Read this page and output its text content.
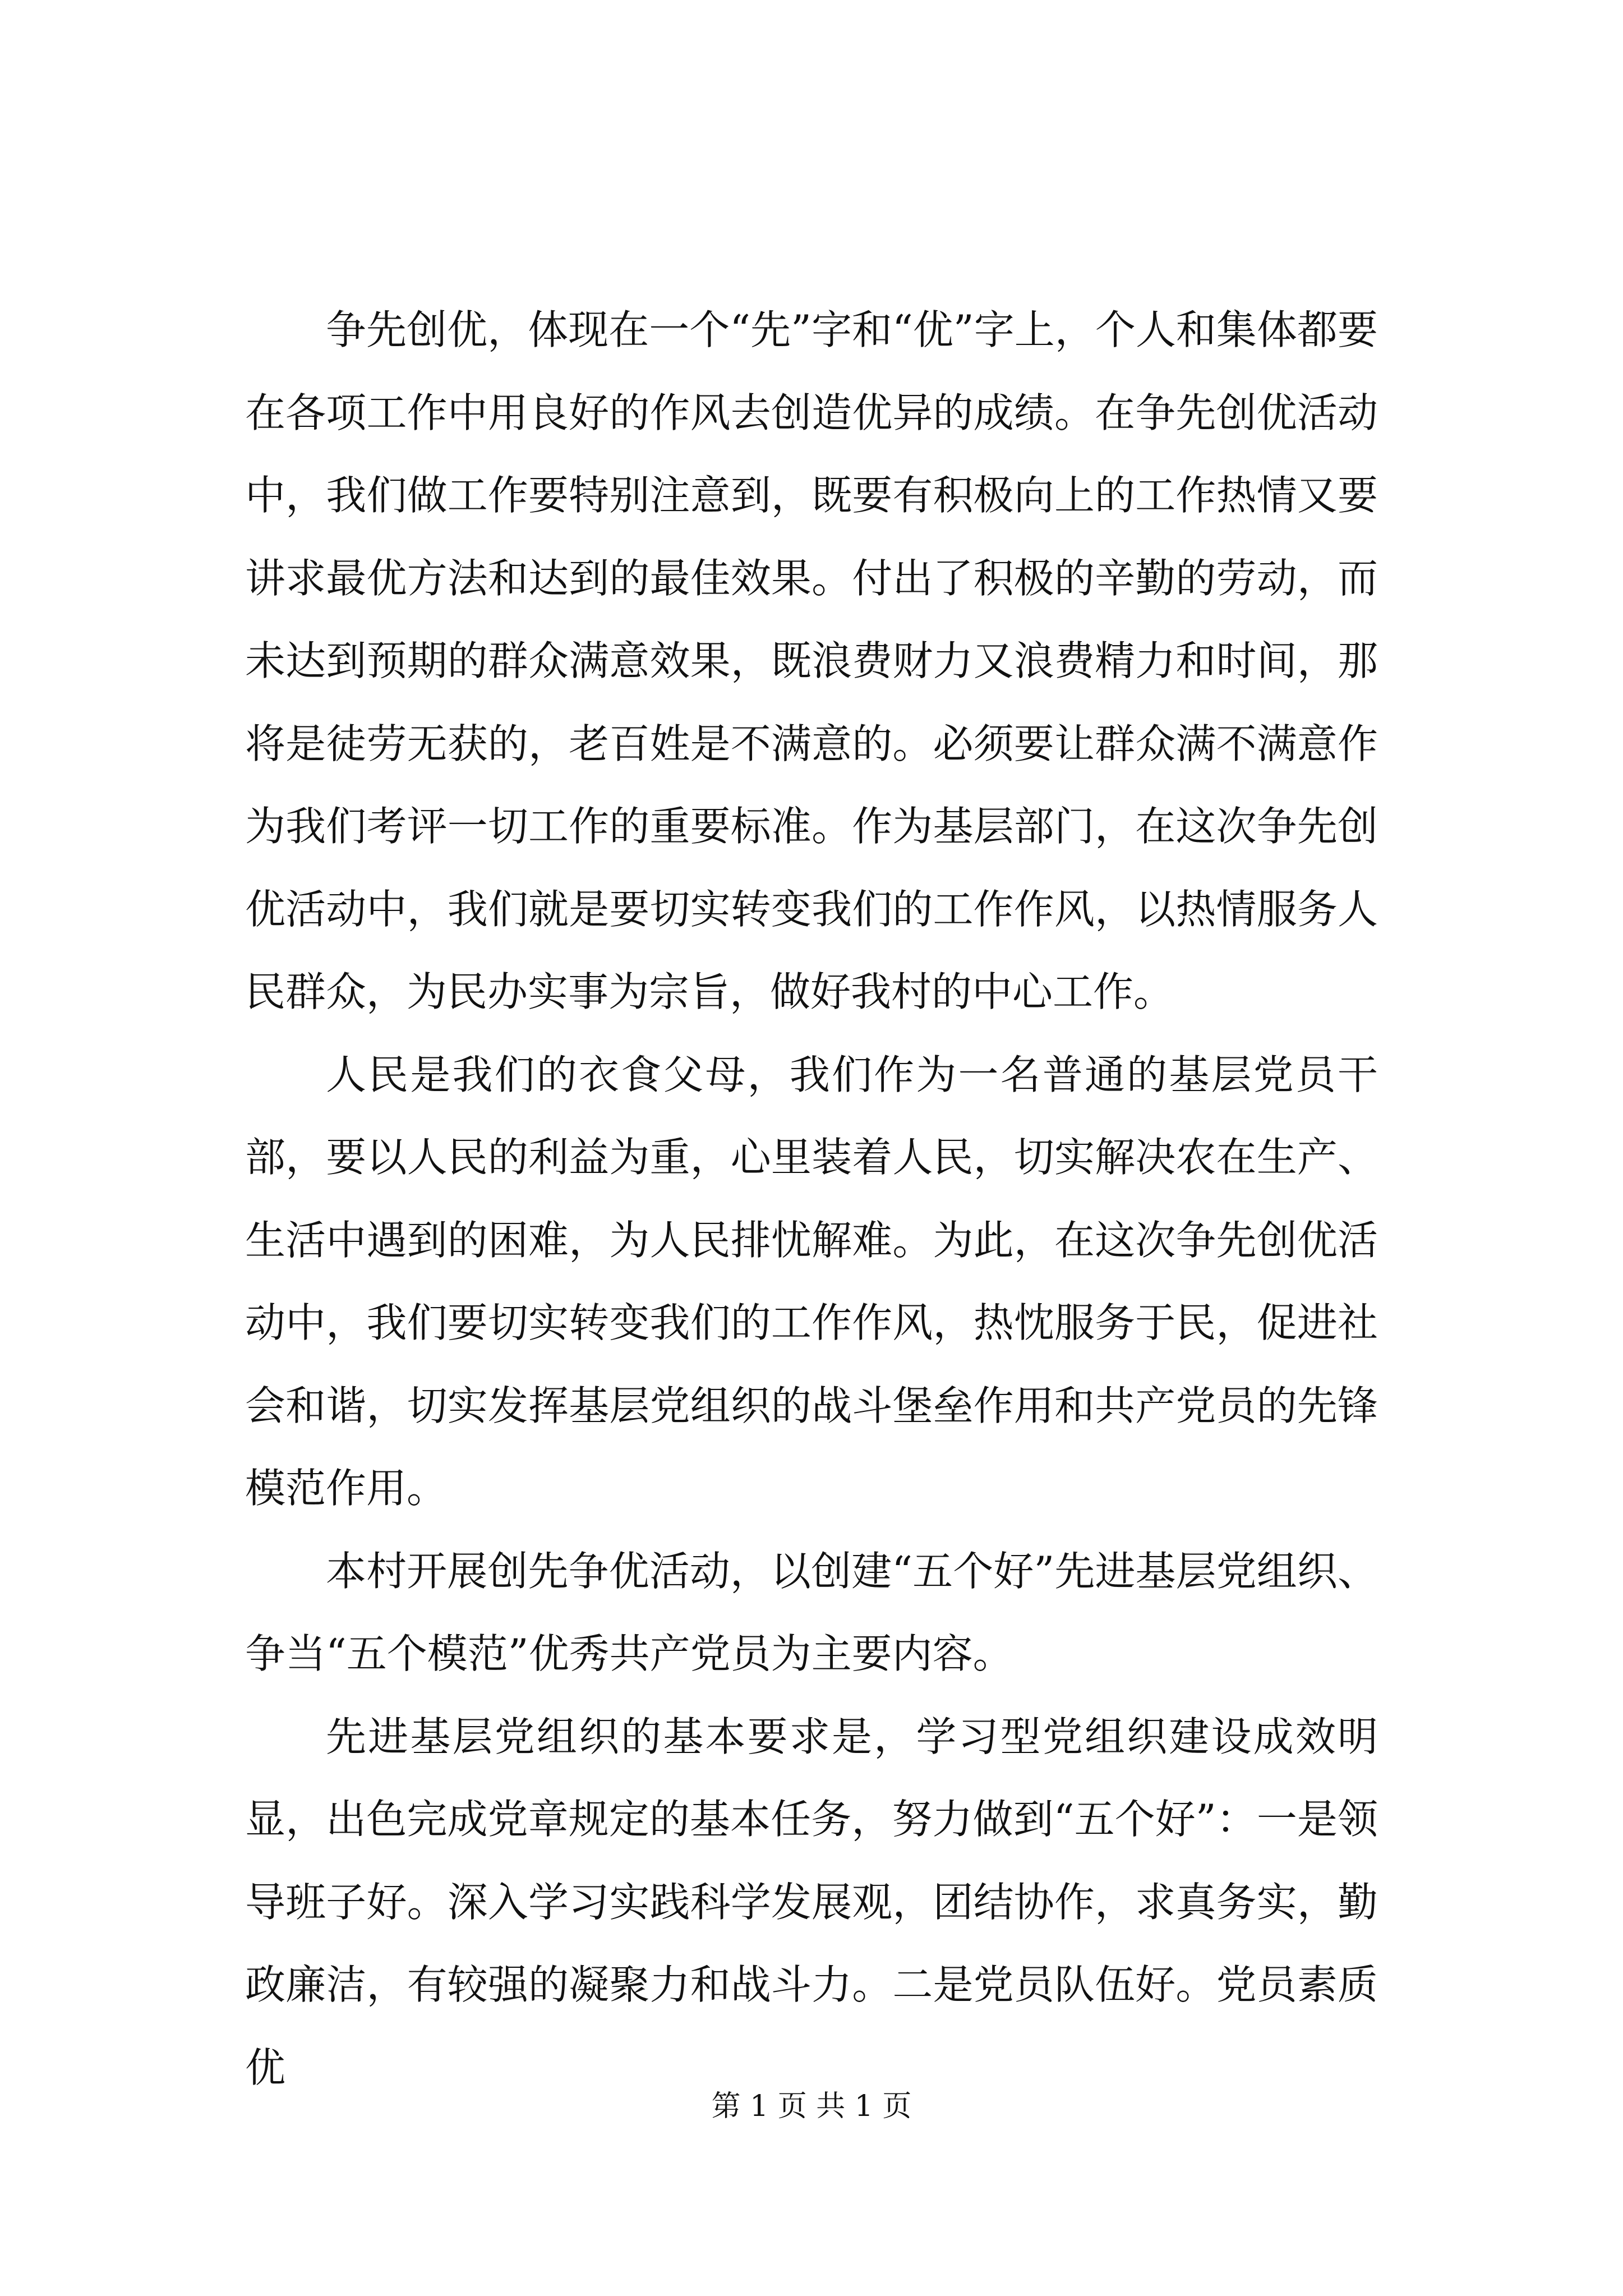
争先创优，体现在一个“先”字和“优”字上，个人和集体都要在各项工作中用良好的作风去创造优异的成绩。在争先创优活动中，我们做工作要特别注意到，既要有积极向上的工作热情又要讲求最优方法和达到的最佳效果。付出了积极的辛勤的劳动，而未达到预期的群众满意效果，既浪费财力又浪费精力和时间，那将是徒劳无获的，老百姓是不满意的。必须要让群众满不满意作为我们考评一切工作的重要标准。作为基层部门，在这次争先创优活动中，我们就是要切实转变我们的工作作风，以热情服务人民群众，为民办实事为宗旨，做好我村的中心工作。

人民是我们的衣食父母，我们作为一名普通的基层党员干部，要以人民的利益为重，心里装着人民，切实解决农在生产、生活中遇到的困难，为人民排忧解难。为此，在这次争先创优活动中，我们要切实转变我们的工作作风，热忱服务于民，促进社会和谐，切实发挥基层党组织的战斗堡垒作用和共产党员的先锋模范作用。

本村开展创先争优活动，以创建“五个好”先进基层党组织、争当“五个模范”优秀共产党员为主要内容。

先进基层党组织的基本要求是，学习型党组织建设成效明显，出色完成党章规定的基本任务，努力做到“五个好”：一是领导班子好。深入学习实践科学发展观，团结协作，求真务实，勤政廉洁，有较强的凝聚力和战斗力。二是党员队伍好。党员素质优

第 1 页 共 1 页
